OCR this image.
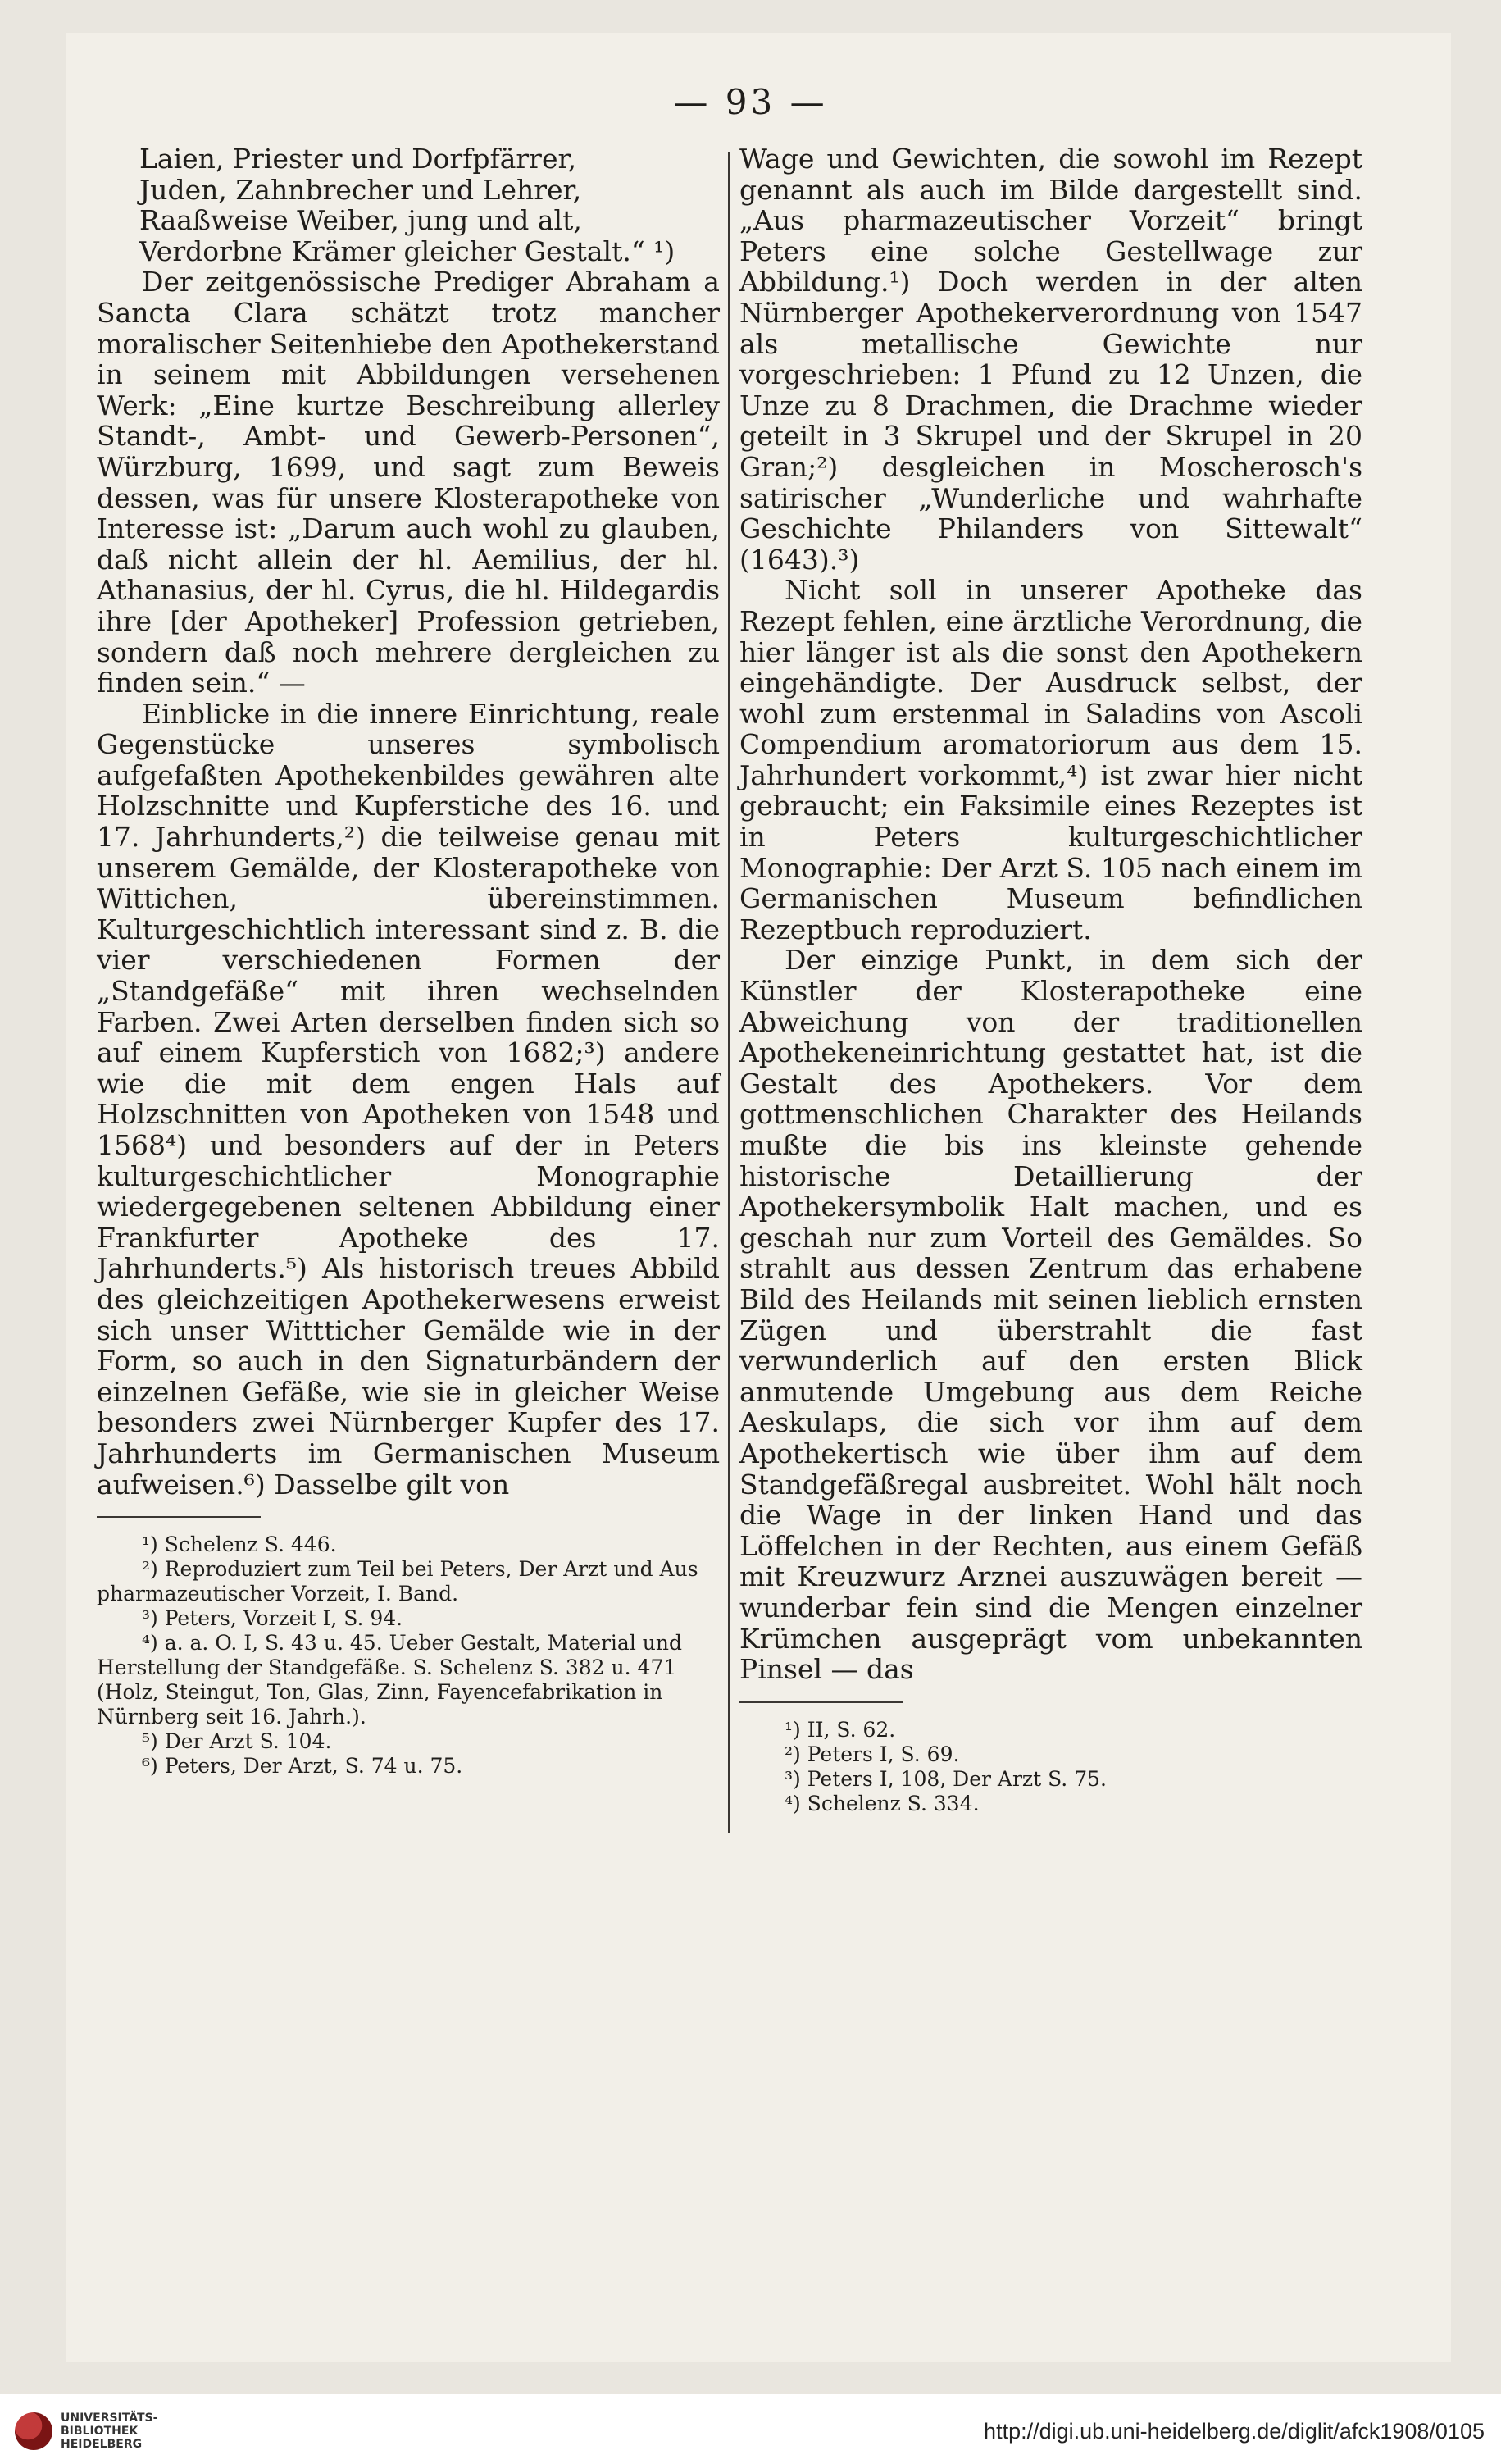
— 93 —

Laien, Priester und Dorfpfärrer,

Juden, Zahnbrecher und Lehrer,

Raaßweise Weiber, jung und alt,

Verdorbne Krämer gleicher Gestalt.“ ¹)

Der zeitgenössische Prediger Abraham a Sancta Clara schätzt trotz mancher moralischer Seitenhiebe den Apothekerstand in seinem mit Abbildungen versehenen Werk: „Eine kurtze Beschreibung allerley Standt-, Ambt- und Gewerb-Personen“, Würzburg, 1699, und sagt zum Beweis dessen, was für unsere Klosterapotheke von Interesse ist: „Darum auch wohl zu glauben, daß nicht allein der hl. Aemilius, der hl. Athanasius, der hl. Cyrus, die hl. Hildegardis ihre [der Apotheker] Profession getrieben, sondern daß noch mehrere dergleichen zu finden sein.“ —

Einblicke in die innere Einrichtung, reale Gegenstücke unseres symbolisch aufgefaßten Apothekenbildes gewähren alte Holzschnitte und Kupferstiche des 16. und 17. Jahrhunderts,²) die teilweise genau mit unserem Gemälde, der Klosterapotheke von Wittichen, übereinstimmen. Kulturgeschichtlich interessant sind z. B. die vier verschiedenen Formen der „Standgefäße“ mit ihren wechselnden Farben. Zwei Arten derselben finden sich so auf einem Kupferstich von 1682;³) andere wie die mit dem engen Hals auf Holzschnitten von Apotheken von 1548 und 1568⁴) und besonders auf der in Peters kulturgeschichtlicher Monographie wiedergegebenen seltenen Abbildung einer Frankfurter Apotheke des 17. Jahrhunderts.⁵) Als historisch treues Abbild des gleichzeitigen Apothekerwesens erweist sich unser Wittticher Gemälde wie in der Form, so auch in den Signaturbändern der einzelnen Gefäße, wie sie in gleicher Weise besonders zwei Nürnberger Kupfer des 17. Jahrhunderts im Germanischen Museum aufweisen.⁶) Dasselbe gilt von

¹) Schelenz S. 446.

²) Reproduziert zum Teil bei Peters, Der Arzt und Aus pharmazeutischer Vorzeit, I. Band.

³) Peters, Vorzeit I, S. 94.

⁴) a. a. O. I, S. 43 u. 45. Ueber Gestalt, Material und Herstellung der Standgefäße. S. Schelenz S. 382 u. 471 (Holz, Steingut, Ton, Glas, Zinn, Fayencefabrikation in Nürnberg seit 16. Jahrh.).

⁵) Der Arzt S. 104.

⁶) Peters, Der Arzt, S. 74 u. 75.

Wage und Gewichten, die sowohl im Rezept genannt als auch im Bilde dargestellt sind. „Aus pharmazeutischer Vorzeit“ bringt Peters eine solche Gestellwage zur Abbildung.¹) Doch werden in der alten Nürnberger Apothekerverordnung von 1547 als metallische Gewichte nur vorgeschrieben: 1 Pfund zu 12 Unzen, die Unze zu 8 Drachmen, die Drachme wieder geteilt in 3 Skrupel und der Skrupel in 20 Gran;²) desgleichen in Moscherosch's satirischer „Wunderliche und wahrhafte Geschichte Philanders von Sittewalt“ (1643).³)

Nicht soll in unserer Apotheke das Rezept fehlen, eine ärztliche Verordnung, die hier länger ist als die sonst den Apothekern eingehändigte. Der Ausdruck selbst, der wohl zum erstenmal in Saladins von Ascoli Compendium aromatoriorum aus dem 15. Jahrhundert vorkommt,⁴) ist zwar hier nicht gebraucht; ein Faksimile eines Rezeptes ist in Peters kulturgeschichtlicher Monographie: Der Arzt S. 105 nach einem im Germanischen Museum befindlichen Rezeptbuch reproduziert.

Der einzige Punkt, in dem sich der Künstler der Klosterapotheke eine Abweichung von der traditionellen Apothekeneinrichtung gestattet hat, ist die Gestalt des Apothekers. Vor dem gottmenschlichen Charakter des Heilands mußte die bis ins kleinste gehende historische Detaillierung der Apothekersymbolik Halt machen, und es geschah nur zum Vorteil des Gemäldes. So strahlt aus dessen Zentrum das erhabene Bild des Heilands mit seinen lieblich ernsten Zügen und überstrahlt die fast verwunderlich auf den ersten Blick anmutende Umgebung aus dem Reiche Aeskulaps, die sich vor ihm auf dem Apothekertisch wie über ihm auf dem Standgefäßregal ausbreitet. Wohl hält noch die Wage in der linken Hand und das Löffelchen in der Rechten, aus einem Gefäß mit Kreuzwurz Arznei auszuwägen bereit — wunderbar fein sind die Mengen einzelner Krümchen ausgeprägt vom unbekannten Pinsel — das

¹) II, S. 62.

²) Peters I, S. 69.

³) Peters I, 108, Der Arzt S. 75.

⁴) Schelenz S. 334.

UNIVERSITÄTS-
BIBLIOTHEK
HEIDELBERG
http://digi.ub.uni-heidelberg.de/diglit/afck1908/0105
